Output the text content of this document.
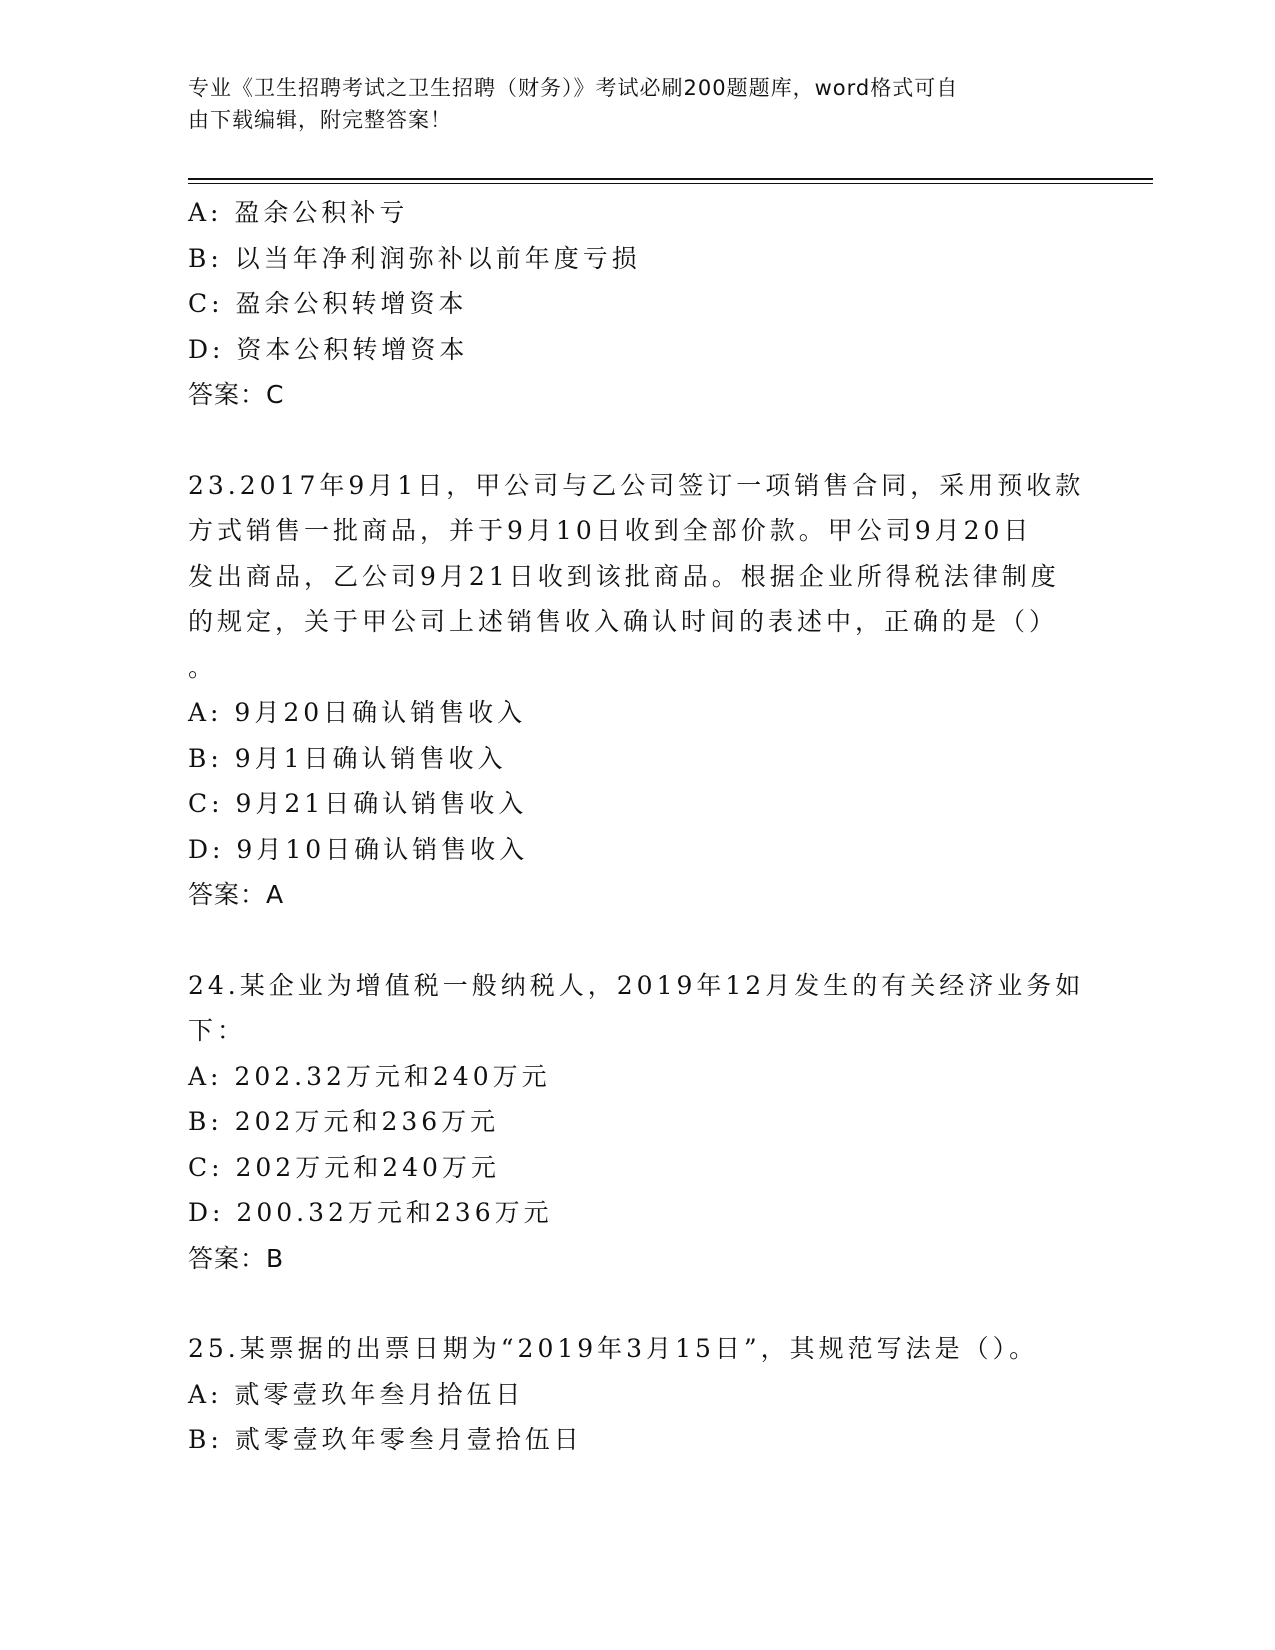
专业《卫生招聘考试之卫生招聘（财务）》考试必刷200题题库，word格式可自
由下载编辑，附完整答案！
A: 盈余公积补亏
B: 以当年净利润弥补以前年度亏损
C: 盈余公积转增资本
D: 资本公积转增资本
答案：C
23.2017年9月1日，甲公司与乙公司签订一项销售合同，采用预收款
方式销售一批商品，并于9月10日收到全部价款。甲公司9月20日
发出商品，乙公司9月21日收到该批商品。根据企业所得税法律制度
的规定，关于甲公司上述销售收入确认时间的表述中，正确的是（）
。
A: 9月20日确认销售收入
B: 9月1日确认销售收入
C: 9月21日确认销售收入
D: 9月10日确认销售收入
答案：A
24.某企业为增值税一般纳税人，2019年12月发生的有关经济业务如
下：
A: 202.32万元和240万元
B: 202万元和236万元
C: 202万元和240万元
D: 200.32万元和236万元
答案：B
25.某票据的出票日期为“2019年3月15日”，其规范写法是（）。
A: 贰零壹玖年叁月拾伍日
B: 贰零壹玖年零叁月壹拾伍日
